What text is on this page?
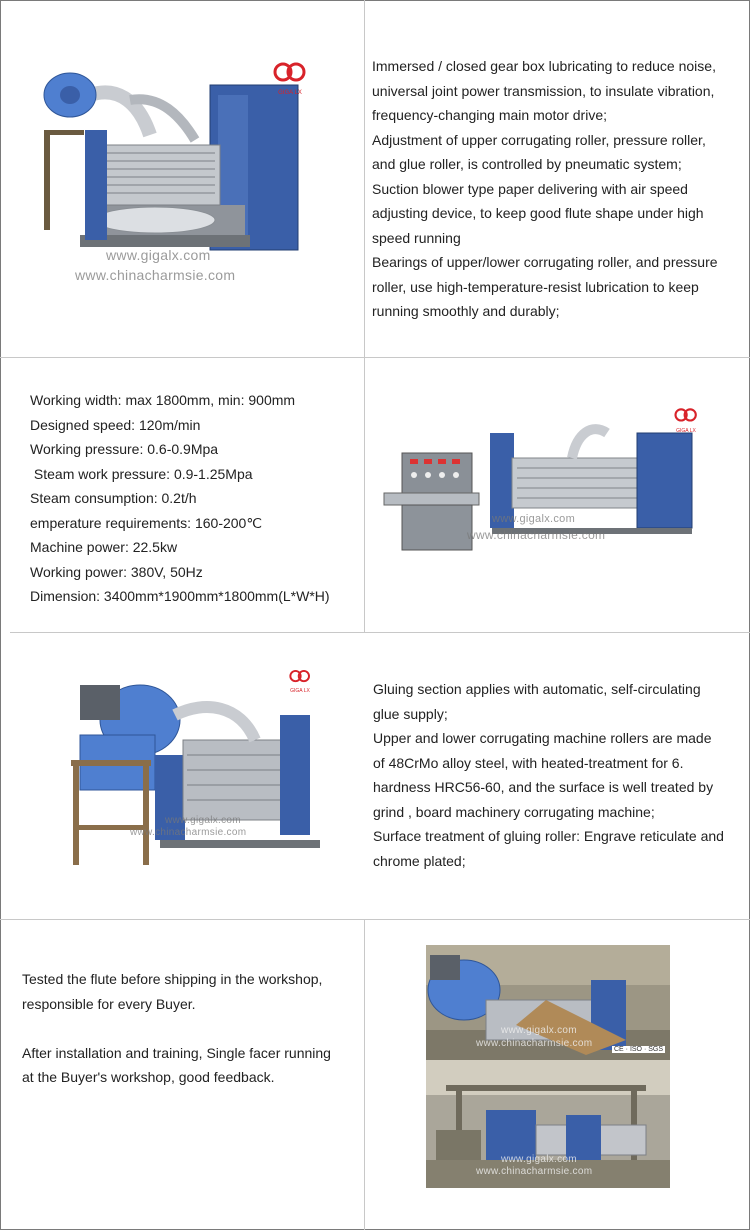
GIGA LX
www.gigalx.com
www.chinacharmsie.com

Immersed / closed gear box lubricating to reduce noise,

universal joint power transmission, to insulate vibration,

frequency-changing main motor drive;

Adjustment of upper corrugating roller, pressure roller,

and glue roller, is controlled by pneumatic system;

Suction blower type paper delivering with air speed

adjusting device, to keep good flute shape under high

speed running

Bearings of upper/lower corrugating roller, and pressure

roller, use high-temperature-resist lubrication to keep

running smoothly and durably;

Working width: max 1800mm, min: 900mm

Designed speed: 120m/min

Working pressure: 0.6-0.9Mpa

Steam work pressure: 0.9-1.25Mpa

Steam consumption: 0.2t/h

emperature requirements: 160-200℃

Machine power: 22.5kw

Working power: 380V, 50Hz

Dimension: 3400mm*1900mm*1800mm(L*W*H)

GIGA LX
www.gigalx.com
www.chinacharmsie.com
GIGA LX
www.gigalx.com
www.chinacharmsie.com

Gluing section applies with automatic, self-circulating

glue supply;

Upper and lower corrugating machine rollers are made

of 48CrMo alloy steel, with heated-treatment for 6.

hardness HRC56-60, and the surface is well treated by

grind , board machinery corrugating machine;

Surface treatment of gluing roller: Engrave reticulate and

chrome plated;

Tested the flute before shipping in the workshop,

responsible for every Buyer.

After installation and training, Single facer running

at the Buyer's workshop, good feedback.

www.gigalx.com
www.chinacharmsie.com
CE · ISO · SGS
www.gigalx.com
www.chinacharmsie.com
